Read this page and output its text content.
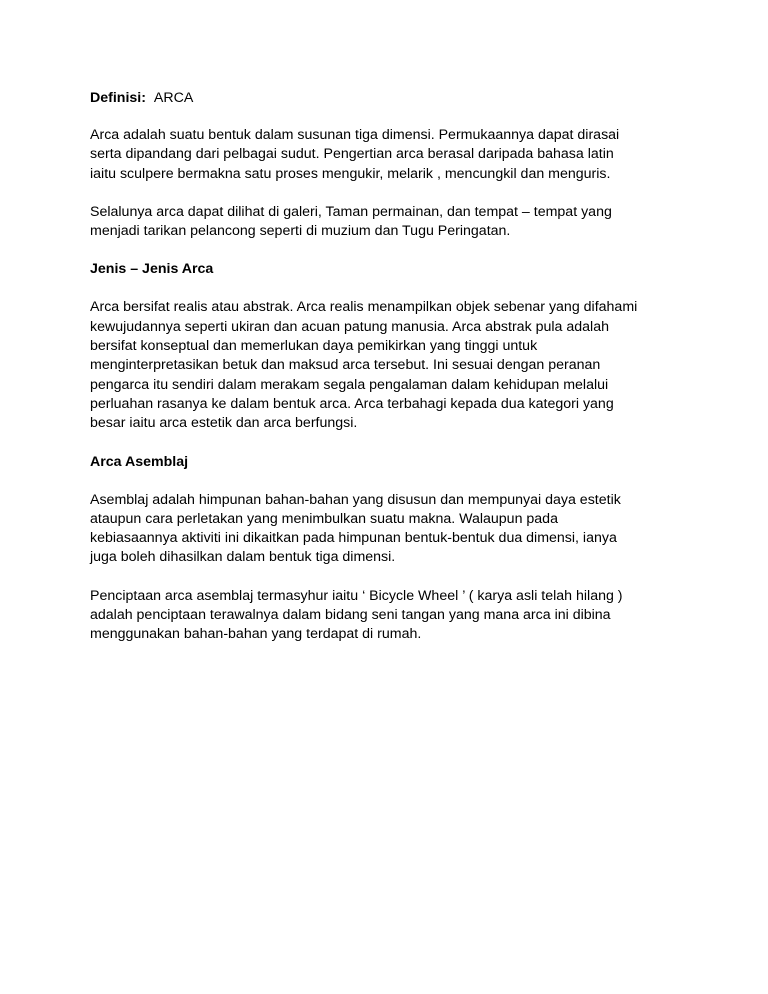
Definisi: ARCA

Arca adalah suatu bentuk dalam susunan tiga dimensi. Permukaannya dapat dirasai
serta dipandang dari pelbagai sudut. Pengertian arca berasal daripada bahasa latin
iaitu sculpere bermakna satu proses mengukir, melarik , mencungkil dan menguris.

Selalunya arca dapat dilihat di galeri, Taman permainan, dan tempat – tempat yang
menjadi tarikan pelancong seperti di muzium dan Tugu Peringatan.

Jenis – Jenis Arca

Arca bersifat realis atau abstrak. Arca realis menampilkan objek sebenar yang difahami
kewujudannya seperti ukiran dan acuan patung manusia. Arca abstrak pula adalah
bersifat konseptual dan memerlukan daya pemikirkan yang tinggi untuk
menginterpretasikan betuk dan maksud arca tersebut. Ini sesuai dengan peranan
pengarca itu sendiri dalam merakam segala pengalaman dalam kehidupan melalui
perluahan rasanya ke dalam bentuk arca. Arca terbahagi kepada dua kategori yang
besar iaitu arca estetik dan arca berfungsi.

Arca Asemblaj

Asemblaj adalah himpunan bahan-bahan yang disusun dan mempunyai daya estetik
ataupun cara perletakan yang menimbulkan suatu makna. Walaupun pada
kebiasaannya aktiviti ini dikaitkan pada himpunan bentuk-bentuk dua dimensi, ianya
juga boleh dihasilkan dalam bentuk tiga dimensi.

Penciptaan arca asemblaj termasyhur iaitu ‘ Bicycle Wheel ’ ( karya asli telah hilang )
adalah penciptaan terawalnya dalam bidang seni tangan yang mana arca ini dibina
menggunakan bahan-bahan yang terdapat di rumah.
